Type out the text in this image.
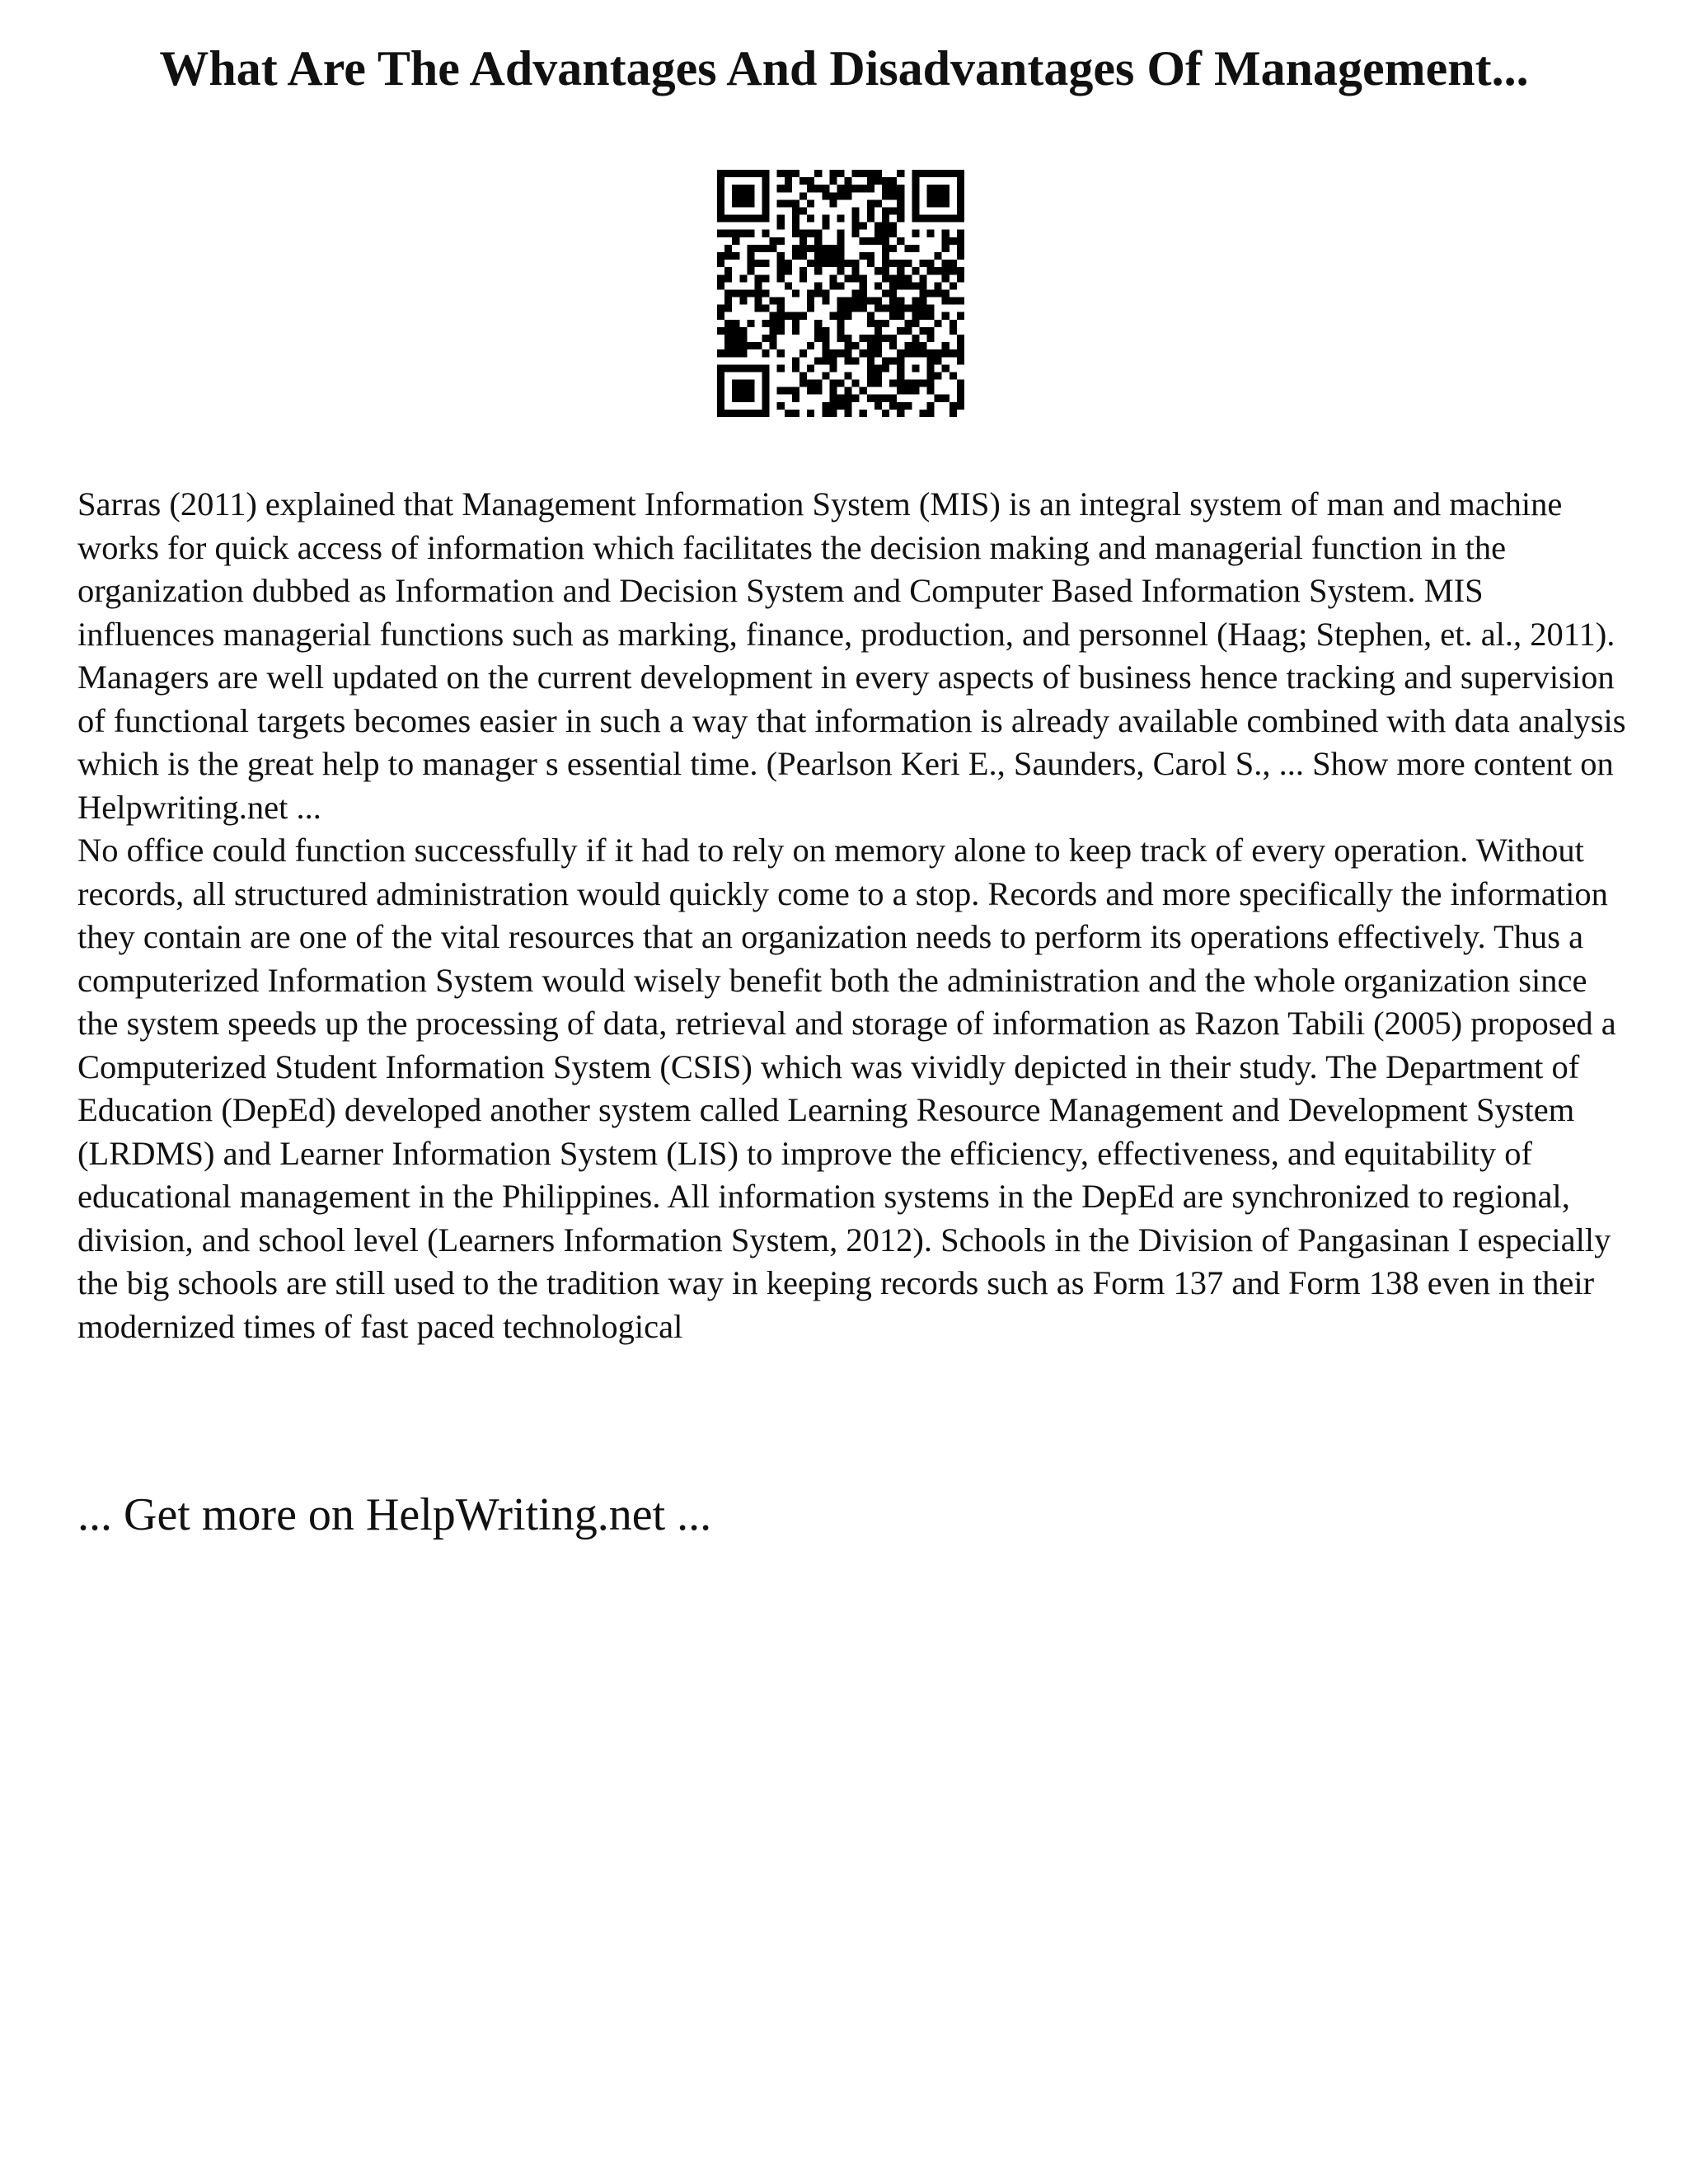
What Are The Advantages And Disadvantages Of Management...

Sarras (2011) explained that Management Information System (MIS) is an integral system of man and machine works for quick access of information which facilitates the decision making and managerial function in the organization dubbed as Information and Decision System and Computer Based Information System. MIS influences managerial functions such as marking, finance, production, and personnel (Haag; Stephen, et. al., 2011). Managers are well updated on the current development in every aspects of business hence tracking and supervision of functional targets becomes easier in such a way that information is already available combined with data analysis which is the great help to manager s essential time. (Pearlson Keri E., Saunders, Carol S., ... Show more content on Helpwriting.net ...

No office could function successfully if it had to rely on memory alone to keep track of every operation. Without records, all structured administration would quickly come to a stop. Records and more specifically the information they contain are one of the vital resources that an organization needs to perform its operations effectively. Thus a computerized Information System would wisely benefit both the administration and the whole organization since the system speeds up the processing of data, retrieval and storage of information as Razon Tabili (2005) proposed a Computerized Student Information System (CSIS) which was vividly depicted in their study. The Department of Education (DepEd) developed another system called Learning Resource Management and Development System (LRDMS) and Learner Information System (LIS) to improve the efficiency, effectiveness, and equitability of educational management in the Philippines. All information systems in the DepEd are synchronized to regional, division, and school level (Learners Information System, 2012). Schools in the Division of Pangasinan I especially the big schools are still used to the tradition way in keeping records such as Form 137 and Form 138 even in their modernized times of fast paced technological

... Get more on HelpWriting.net ...
